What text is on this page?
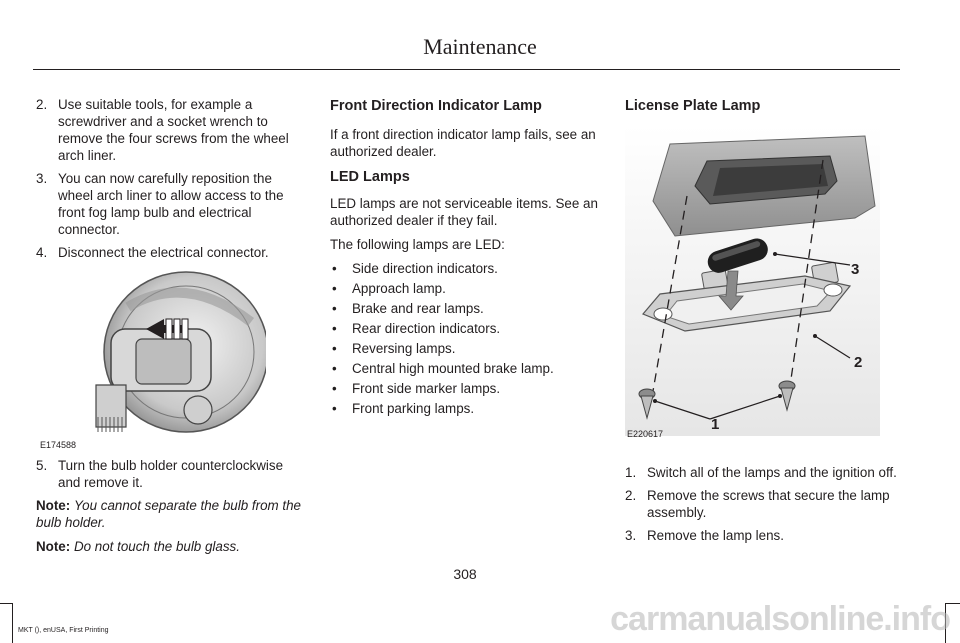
Maintenance
2. Use suitable tools, for example a screwdriver and a socket wrench to remove the four screws from the wheel arch liner.
3. You can now carefully reposition the wheel arch liner to allow access to the front fog lamp bulb and electrical connector.
4. Disconnect the electrical connector.
E174588
5. Turn the bulb holder counterclockwise and remove it.
Note: You cannot separate the bulb from the bulb holder.
Note: Do not touch the bulb glass.
Front Direction Indicator Lamp

If a front direction indicator lamp fails, see an authorized dealer.

LED Lamps

LED lamps are not serviceable items. See an authorized dealer if they fail.

The following lamps are LED:

• Side direction indicators.
• Approach lamp.
• Brake and rear lamps.
• Rear direction indicators.
• Reversing lamps.
• Central high mounted brake lamp.
• Front side marker lamps.
• Front parking lamps.
License Plate Lamp
1
2
3
E220617
1. Switch all of the lamps and the ignition off.
2. Remove the screws that secure the lamp assembly.
3. Remove the lamp lens.
308
MKT (), enUSA, First Printing	carmanualsonline.info
